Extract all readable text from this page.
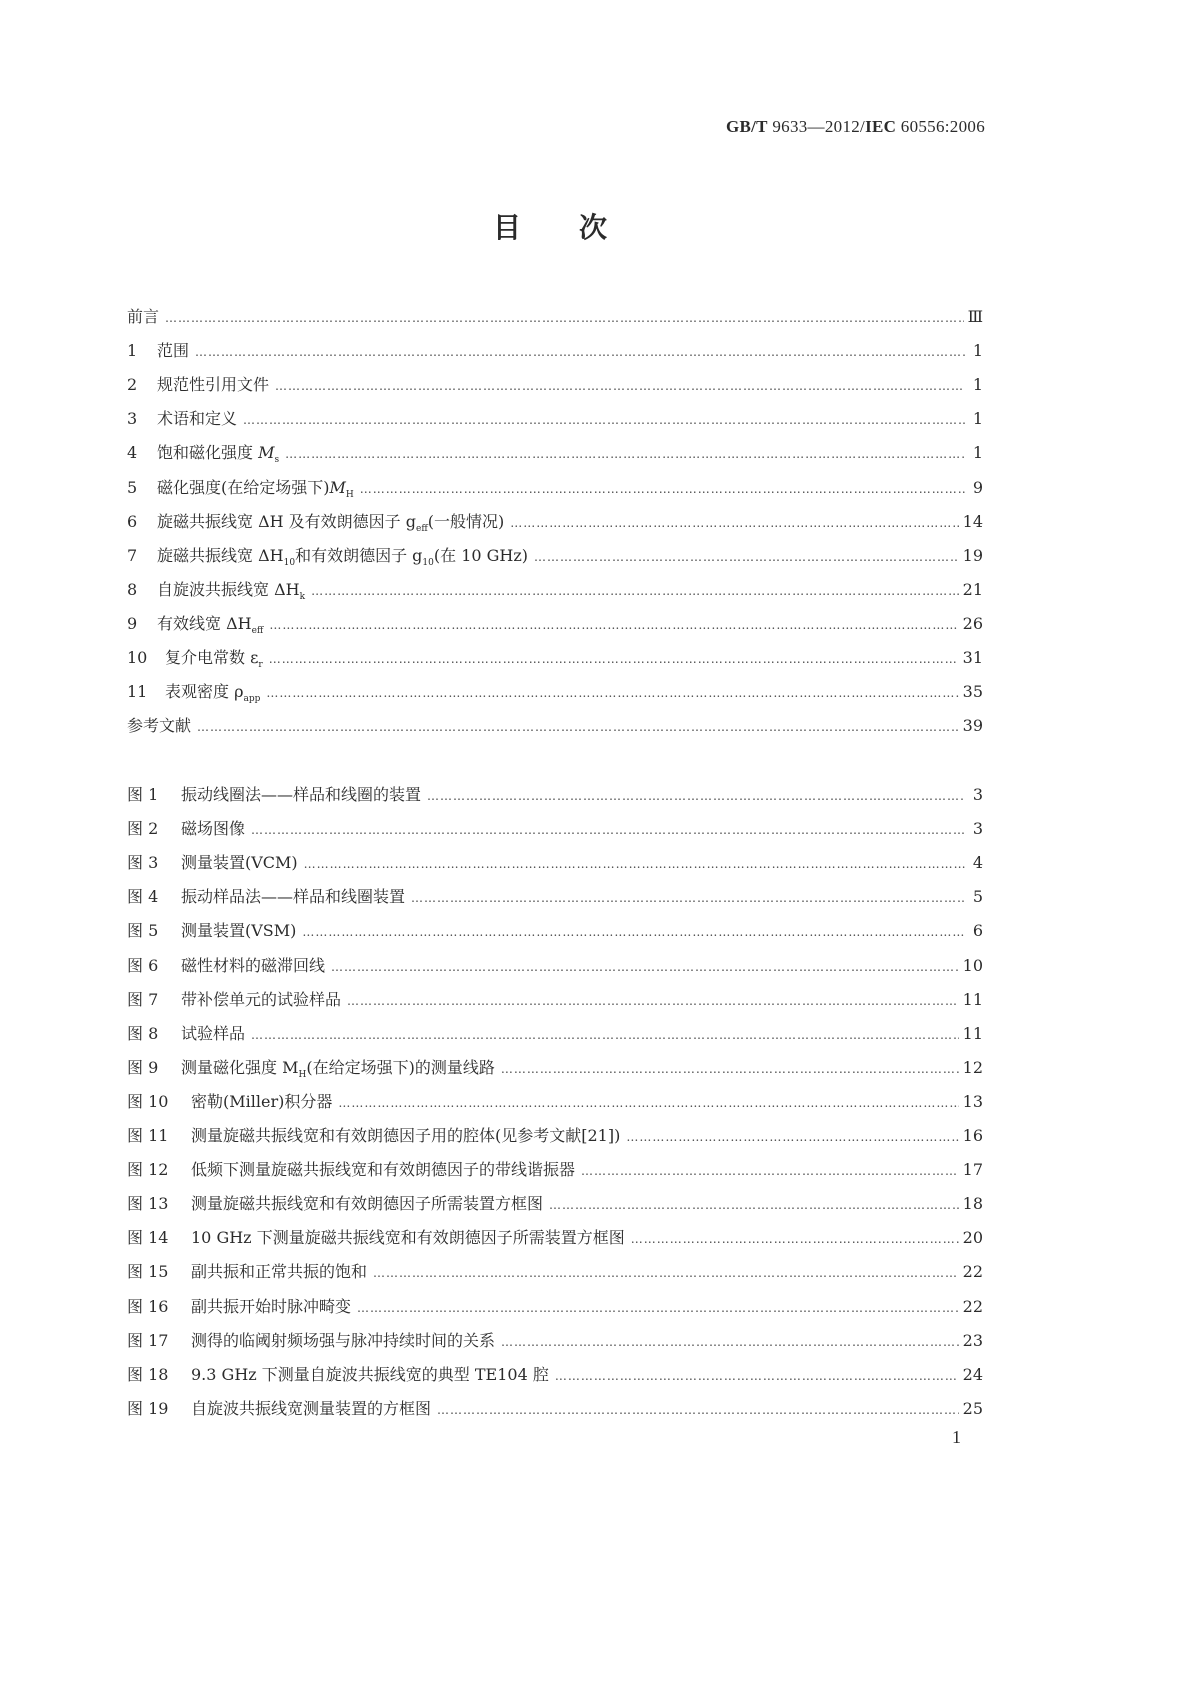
GB/T 9633—2012/IEC 60556:2006
目 次
前言 …………………………………………………………………………………………………………………………………………………………………………………………………………	Ⅲ
1	范围 …………………………………………………………………………………………………………………………………………………………………………………………………………	1
2	规范性引用文件 …………………………………………………………………………………………………………………………………………………………………………………………………………	1
3	术语和定义 …………………………………………………………………………………………………………………………………………………………………………………………………………	1
4	饱和磁化强度 $M_s$ …………………………………………………………………………………………………………………………………………………………………………………………………………	1
5	磁化强度(在给定场强下)$M_H$ …………………………………………………………………………………………………………………………………………………………………………………………………………	9
6	旋磁共振线宽 ΔH 及有效朗德因子 $g_{eff}$(一般情况) …………………………………………………………………………………………………………………………………………………………………………………………………………	14
7	旋磁共振线宽 $\Delta H_{10}$和有效朗德因子 $g_{10}$(在 10 GHz) …………………………………………………………………………………………………………………………………………………………………………………………………………	19
8	自旋波共振线宽 $\Delta H_k$ …………………………………………………………………………………………………………………………………………………………………………………………………………	21
9	有效线宽 $\Delta H_{eff}$ …………………………………………………………………………………………………………………………………………………………………………………………………………	26
10	复介电常数 $\varepsilon_r$ …………………………………………………………………………………………………………………………………………………………………………………………………………	31
11	表观密度 $\rho_{app}$ …………………………………………………………………………………………………………………………………………………………………………………………………………	35
参考文献 …………………………………………………………………………………………………………………………………………………………………………………………………………	39
图 1	振动线圈法——样品和线圈的装置 …………………………………………………………………………………………………………………………………………………………………………………………………………	3
图 2	磁场图像 …………………………………………………………………………………………………………………………………………………………………………………………………………	3
图 3	测量装置(VCM) …………………………………………………………………………………………………………………………………………………………………………………………………………	4
图 4	振动样品法——样品和线圈装置 …………………………………………………………………………………………………………………………………………………………………………………………………………	5
图 5	测量装置(VSM) …………………………………………………………………………………………………………………………………………………………………………………………………………	6
图 6	磁性材料的磁滞回线 …………………………………………………………………………………………………………………………………………………………………………………………………………	10
图 7	带补偿单元的试验样品 …………………………………………………………………………………………………………………………………………………………………………………………………………	11
图 8	试验样品 …………………………………………………………………………………………………………………………………………………………………………………………………………	11
图 9	测量磁化强度 $M_H$(在给定场强下)的测量线路 …………………………………………………………………………………………………………………………………………………………………………………………………………	12
图 10	密勒(Miller)积分器 …………………………………………………………………………………………………………………………………………………………………………………………………………	13
图 11	测量旋磁共振线宽和有效朗德因子用的腔体(见参考文献[21]) …………………………………………………………………………………………………………………………………………………………………………………………………………	16
图 12	低频下测量旋磁共振线宽和有效朗德因子的带线谐振器 …………………………………………………………………………………………………………………………………………………………………………………………………………	17
图 13	测量旋磁共振线宽和有效朗德因子所需装置方框图 …………………………………………………………………………………………………………………………………………………………………………………………………………	18
图 14	10 GHz 下测量旋磁共振线宽和有效朗德因子所需装置方框图 …………………………………………………………………………………………………………………………………………………………………………………………………………	20
图 15	副共振和正常共振的饱和 …………………………………………………………………………………………………………………………………………………………………………………………………………	22
图 16	副共振开始时脉冲畸变 …………………………………………………………………………………………………………………………………………………………………………………………………………	22
图 17	测得的临阈射频场强与脉冲持续时间的关系 …………………………………………………………………………………………………………………………………………………………………………………………………………	23
图 18	9.3 GHz 下测量自旋波共振线宽的典型 TE104 腔 …………………………………………………………………………………………………………………………………………………………………………………………………………	24
图 19	自旋波共振线宽测量装置的方框图 …………………………………………………………………………………………………………………………………………………………………………………………………………	25
1
